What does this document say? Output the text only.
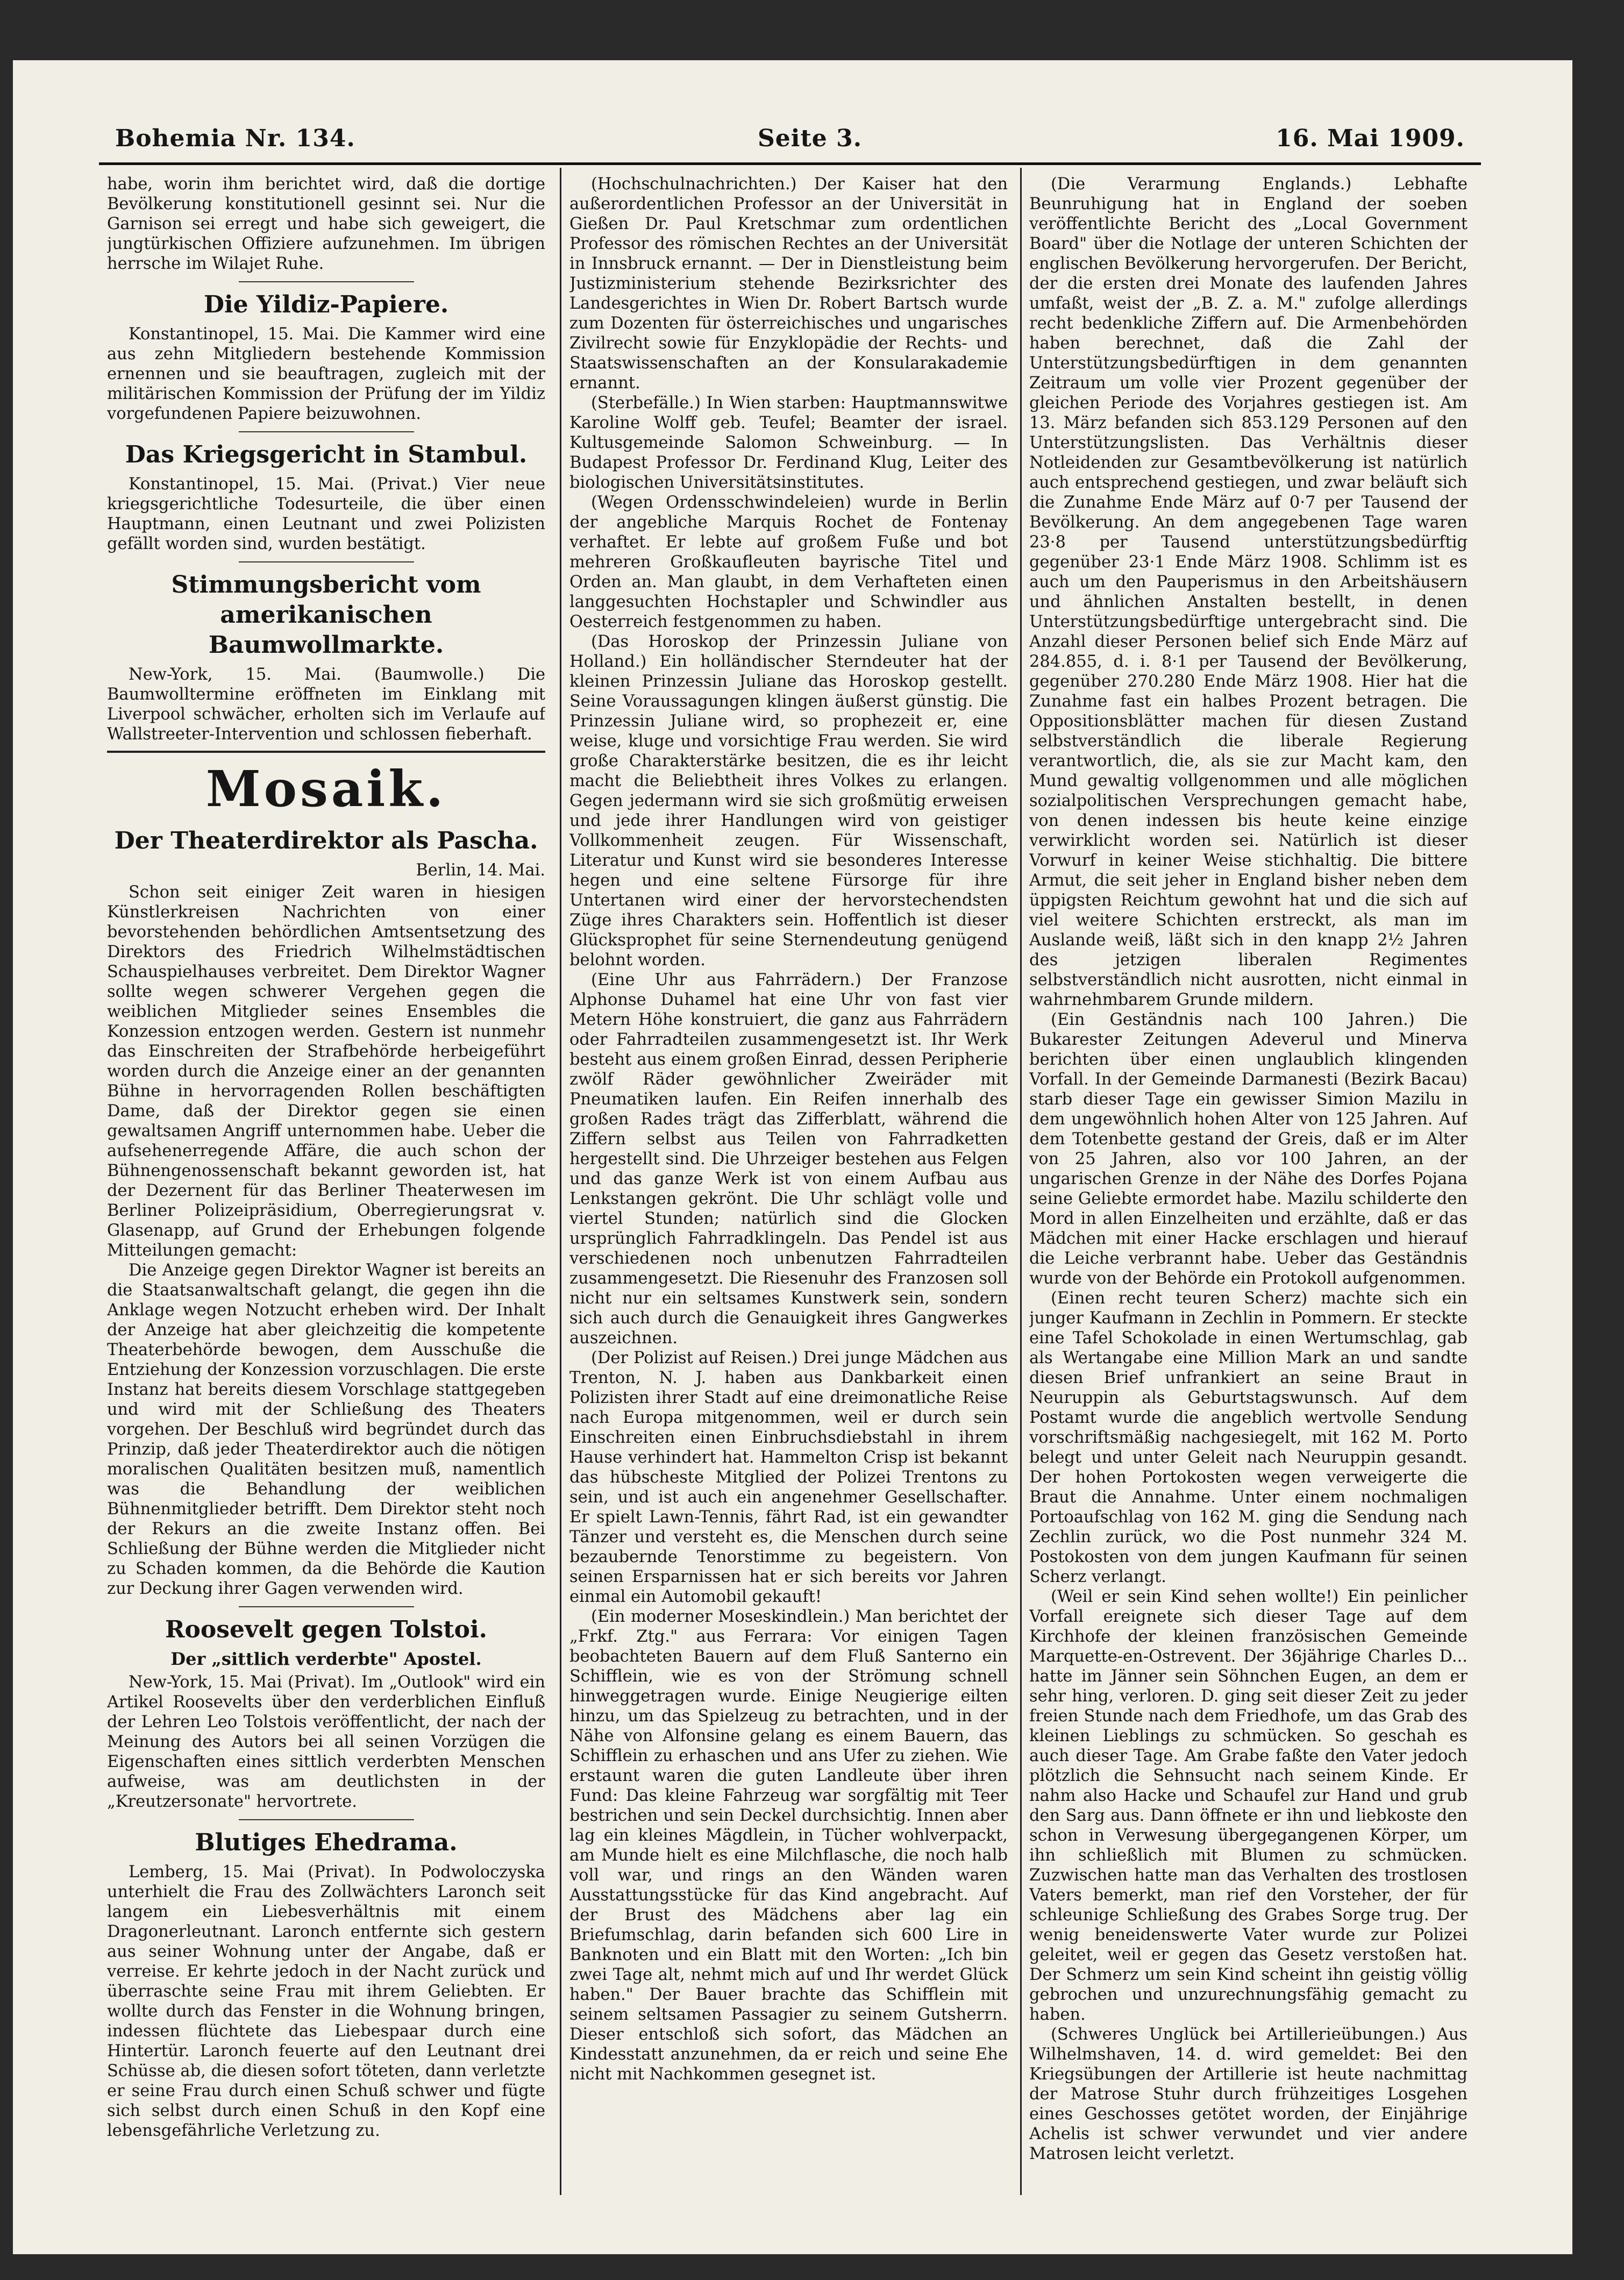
Bohemia Nr. 134.	Seite 3.	16. Mai 1909.

habe, worin ihm berichtet wird, daß die dortige Bevölkerung konstitutionell gesinnt sei. Nur die Garnison sei erregt und habe sich geweigert, die jungtürkischen Offiziere aufzunehmen. Im übrigen herrsche im Wilajet Ruhe.

Die Yildiz-Papiere.

Konstantinopel, 15. Mai. Die Kammer wird eine aus zehn Mitgliedern bestehende Kommission ernennen und sie beauftragen, zugleich mit der militärischen Kommission der Prüfung der im Yildiz vorgefundenen Papiere beizuwohnen.

Das Kriegsgericht in Stambul.

Konstantinopel, 15. Mai. (Privat.) Vier neue kriegsgerichtliche Todesurteile, die über einen Hauptmann, einen Leutnant und zwei Polizisten gefällt worden sind, wurden bestätigt.

Stimmungsbericht vom amerikanischen Baumwollmarkte.

New-York, 15. Mai. (Baumwolle.) Die Baumwolltermine eröffneten im Einklang mit Liverpool schwächer, erholten sich im Verlaufe auf Wallstreeter-Intervention und schlossen fieberhaft.

Mosaik.
Der Theaterdirektor als Pascha.
Berlin, 14. Mai.

Schon seit einiger Zeit waren in hiesigen Künstlerkreisen Nachrichten von einer bevorstehenden behördlichen Amtsentsetzung des Direktors des Friedrich Wilhelmstädtischen Schauspielhauses verbreitet. Dem Direktor Wagner sollte wegen schwerer Vergehen gegen die weiblichen Mitglieder seines Ensembles die Konzession entzogen werden. Gestern ist nunmehr das Einschreiten der Strafbehörde herbeigeführt worden durch die Anzeige einer an der genannten Bühne in hervorragenden Rollen beschäftigten Dame, daß der Direktor gegen sie einen gewaltsamen Angriff unternommen habe. Ueber die aufsehenerregende Affäre, die auch schon der Bühnengenossenschaft bekannt geworden ist, hat der Dezernent für das Berliner Theaterwesen im Berliner Polizeipräsidium, Oberregierungsrat v. Glasenapp, auf Grund der Erhebungen folgende Mitteilungen gemacht:

Die Anzeige gegen Direktor Wagner ist bereits an die Staatsanwaltschaft gelangt, die gegen ihn die Anklage wegen Notzucht erheben wird. Der Inhalt der Anzeige hat aber gleichzeitig die kompetente Theaterbehörde bewogen, dem Ausschuße die Entziehung der Konzession vorzuschlagen. Die erste Instanz hat bereits diesem Vorschlage stattgegeben und wird mit der Schließung des Theaters vorgehen. Der Beschluß wird begründet durch das Prinzip, daß jeder Theaterdirektor auch die nötigen moralischen Qualitäten besitzen muß, namentlich was die Behandlung der weiblichen Bühnenmitglieder betrifft. Dem Direktor steht noch der Rekurs an die zweite Instanz offen. Bei Schließung der Bühne werden die Mitglieder nicht zu Schaden kommen, da die Behörde die Kaution zur Deckung ihrer Gagen verwenden wird.

Roosevelt gegen Tolstoi.
Der „sittlich verderbte" Apostel.

New-York, 15. Mai (Privat). Im „Outlook" wird ein Artikel Roosevelts über den verderblichen Einfluß der Lehren Leo Tolstois veröffentlicht, der nach der Meinung des Autors bei all seinen Vorzügen die Eigenschaften eines sittlich verderbten Menschen aufweise, was am deutlichsten in der „Kreutzersonate" hervortrete.

Blutiges Ehedrama.

Lemberg, 15. Mai (Privat). In Podwoloczyska unterhielt die Frau des Zollwächters Laronch seit langem ein Liebesverhältnis mit einem Dragonerleutnant. Laronch entfernte sich gestern aus seiner Wohnung unter der Angabe, daß er verreise. Er kehrte jedoch in der Nacht zurück und überraschte seine Frau mit ihrem Geliebten. Er wollte durch das Fenster in die Wohnung bringen, indessen flüchtete das Liebespaar durch eine Hintertür. Laronch feuerte auf den Leutnant drei Schüsse ab, die diesen sofort töteten, dann verletzte er seine Frau durch einen Schuß schwer und fügte sich selbst durch einen Schuß in den Kopf eine lebensgefährliche Verletzung zu.

(Hochschulnachrichten.) Der Kaiser hat den außerordentlichen Professor an der Universität in Gießen Dr. Paul Kretschmar zum ordentlichen Professor des römischen Rechtes an der Universität in Innsbruck ernannt. — Der in Dienstleistung beim Justizministerium stehende Bezirksrichter des Landesgerichtes in Wien Dr. Robert Bartsch wurde zum Dozenten für österreichisches und ungarisches Zivilrecht sowie für Enzyklopädie der Rechts- und Staatswissenschaften an der Konsularakademie ernannt.

(Sterbefälle.) In Wien starben: Hauptmannswitwe Karoline Wolff geb. Teufel; Beamter der israel. Kultusgemeinde Salomon Schweinburg. — In Budapest Professor Dr. Ferdinand Klug, Leiter des biologischen Universitätsinstitutes.

(Wegen Ordensschwindeleien) wurde in Berlin der angebliche Marquis Rochet de Fontenay verhaftet. Er lebte auf großem Fuße und bot mehreren Großkaufleuten bayrische Titel und Orden an. Man glaubt, in dem Verhafteten einen langgesuchten Hochstapler und Schwindler aus Oesterreich festgenommen zu haben.

(Das Horoskop der Prinzessin Juliane von Holland.) Ein holländischer Sterndeuter hat der kleinen Prinzessin Juliane das Horoskop gestellt. Seine Voraussagungen klingen äußerst günstig. Die Prinzessin Juliane wird, so prophezeit er, eine weise, kluge und vorsichtige Frau werden. Sie wird große Charakterstärke besitzen, die es ihr leicht macht die Beliebtheit ihres Volkes zu erlangen. Gegen jedermann wird sie sich großmütig erweisen und jede ihrer Handlungen wird von geistiger Vollkommenheit zeugen. Für Wissenschaft, Literatur und Kunst wird sie besonderes Interesse hegen und eine seltene Fürsorge für ihre Untertanen wird einer der hervorstechendsten Züge ihres Charakters sein. Hoffentlich ist dieser Glücksprophet für seine Sternendeutung genügend belohnt worden.

(Eine Uhr aus Fahrrädern.) Der Franzose Alphonse Duhamel hat eine Uhr von fast vier Metern Höhe konstruiert, die ganz aus Fahrrädern oder Fahrradteilen zusammengesetzt ist. Ihr Werk besteht aus einem großen Einrad, dessen Peripherie zwölf Räder gewöhnlicher Zweiräder mit Pneumatiken laufen. Ein Reifen innerhalb des großen Rades trägt das Zifferblatt, während die Ziffern selbst aus Teilen von Fahrradketten hergestellt sind. Die Uhrzeiger bestehen aus Felgen und das ganze Werk ist von einem Aufbau aus Lenkstangen gekrönt. Die Uhr schlägt volle und viertel Stunden; natürlich sind die Glocken ursprünglich Fahrradklingeln. Das Pendel ist aus verschiedenen noch unbenutzen Fahrradteilen zusammengesetzt. Die Riesenuhr des Franzosen soll nicht nur ein seltsames Kunstwerk sein, sondern sich auch durch die Genauigkeit ihres Gangwerkes auszeichnen.

(Der Polizist auf Reisen.) Drei junge Mädchen aus Trenton, N. J. haben aus Dankbarkeit einen Polizisten ihrer Stadt auf eine dreimonatliche Reise nach Europa mitgenommen, weil er durch sein Einschreiten einen Einbruchsdiebstahl in ihrem Hause verhindert hat. Hammelton Crisp ist bekannt das hübscheste Mitglied der Polizei Trentons zu sein, und ist auch ein angenehmer Gesellschafter. Er spielt Lawn-Tennis, fährt Rad, ist ein gewandter Tänzer und versteht es, die Menschen durch seine bezaubernde Tenorstimme zu begeistern. Von seinen Ersparnissen hat er sich bereits vor Jahren einmal ein Automobil gekauft!

(Ein moderner Moseskindlein.) Man berichtet der „Frkf. Ztg." aus Ferrara: Vor einigen Tagen beobachteten Bauern auf dem Fluß Santerno ein Schifflein, wie es von der Strömung schnell hinweggetragen wurde. Einige Neugierige eilten hinzu, um das Spielzeug zu betrachten, und in der Nähe von Alfonsine gelang es einem Bauern, das Schifflein zu erhaschen und ans Ufer zu ziehen. Wie erstaunt waren die guten Landleute über ihren Fund: Das kleine Fahrzeug war sorgfältig mit Teer bestrichen und sein Deckel durchsichtig. Innen aber lag ein kleines Mägdlein, in Tücher wohlverpackt, am Munde hielt es eine Milchflasche, die noch halb voll war, und rings an den Wänden waren Ausstattungsstücke für das Kind angebracht. Auf der Brust des Mädchens aber lag ein Briefumschlag, darin befanden sich 600 Lire in Banknoten und ein Blatt mit den Worten: „Ich bin zwei Tage alt, nehmt mich auf und Ihr werdet Glück haben." Der Bauer brachte das Schifflein mit seinem seltsamen Passagier zu seinem Gutsherrn. Dieser entschloß sich sofort, das Mädchen an Kindesstatt anzunehmen, da er reich und seine Ehe nicht mit Nachkommen gesegnet ist.

(Die Verarmung Englands.) Lebhafte Beunruhigung hat in England der soeben veröffentlichte Bericht des „Local Government Board" über die Notlage der unteren Schichten der englischen Bevölkerung hervorgerufen. Der Bericht, der die ersten drei Monate des laufenden Jahres umfaßt, weist der „B. Z. a. M." zufolge allerdings recht bedenkliche Ziffern auf. Die Armenbehörden haben berechnet, daß die Zahl der Unterstützungsbedürftigen in dem genannten Zeitraum um volle vier Prozent gegenüber der gleichen Periode des Vorjahres gestiegen ist. Am 13. März befanden sich 853.129 Personen auf den Unterstützungslisten. Das Verhältnis dieser Notleidenden zur Gesamtbevölkerung ist natürlich auch entsprechend gestiegen, und zwar beläuft sich die Zunahme Ende März auf 0·7 per Tausend der Bevölkerung. An dem angegebenen Tage waren 23·8 per Tausend unterstützungsbedürftig gegenüber 23·1 Ende März 1908. Schlimm ist es auch um den Pauperismus in den Arbeitshäusern und ähnlichen Anstalten bestellt, in denen Unterstützungsbedürftige untergebracht sind. Die Anzahl dieser Personen belief sich Ende März auf 284.855, d. i. 8·1 per Tausend der Bevölkerung, gegenüber 270.280 Ende März 1908. Hier hat die Zunahme fast ein halbes Prozent betragen. Die Oppositionsblätter machen für diesen Zustand selbstverständlich die liberale Regierung verantwortlich, die, als sie zur Macht kam, den Mund gewaltig vollgenommen und alle möglichen sozialpolitischen Versprechungen gemacht habe, von denen indessen bis heute keine einzige verwirklicht worden sei. Natürlich ist dieser Vorwurf in keiner Weise stichhaltig. Die bittere Armut, die seit jeher in England bisher neben dem üppigsten Reichtum gewohnt hat und die sich auf viel weitere Schichten erstreckt, als man im Auslande weiß, läßt sich in den knapp 2½ Jahren des jetzigen liberalen Regimentes selbstverständlich nicht ausrotten, nicht einmal in wahrnehmbarem Grunde mildern.

(Ein Geständnis nach 100 Jahren.) Die Bukarester Zeitungen Adeverul und Minerva berichten über einen unglaublich klingenden Vorfall. In der Gemeinde Darmanesti (Bezirk Bacau) starb dieser Tage ein gewisser Simion Mazilu in dem ungewöhnlich hohen Alter von 125 Jahren. Auf dem Totenbette gestand der Greis, daß er im Alter von 25 Jahren, also vor 100 Jahren, an der ungarischen Grenze in der Nähe des Dorfes Pojana seine Geliebte ermordet habe. Mazilu schilderte den Mord in allen Einzelheiten und erzählte, daß er das Mädchen mit einer Hacke erschlagen und hierauf die Leiche verbrannt habe. Ueber das Geständnis wurde von der Behörde ein Protokoll aufgenommen.

(Einen recht teuren Scherz) machte sich ein junger Kaufmann in Zechlin in Pommern. Er steckte eine Tafel Schokolade in einen Wertumschlag, gab als Wertangabe eine Million Mark an und sandte diesen Brief unfrankiert an seine Braut in Neuruppin als Geburtstagswunsch. Auf dem Postamt wurde die angeblich wertvolle Sendung vorschriftsmäßig nachgesiegelt, mit 162 M. Porto belegt und unter Geleit nach Neuruppin gesandt. Der hohen Portokosten wegen verweigerte die Braut die Annahme. Unter einem nochmaligen Portoaufschlag von 162 M. ging die Sendung nach Zechlin zurück, wo die Post nunmehr 324 M. Postokosten von dem jungen Kaufmann für seinen Scherz verlangt.

(Weil er sein Kind sehen wollte!) Ein peinlicher Vorfall ereignete sich dieser Tage auf dem Kirchhofe der kleinen französischen Gemeinde Marquette-en-Ostrevent. Der 36jährige Charles D... hatte im Jänner sein Söhnchen Eugen, an dem er sehr hing, verloren. D. ging seit dieser Zeit zu jeder freien Stunde nach dem Friedhofe, um das Grab des kleinen Lieblings zu schmücken. So geschah es auch dieser Tage. Am Grabe faßte den Vater jedoch plötzlich die Sehnsucht nach seinem Kinde. Er nahm also Hacke und Schaufel zur Hand und grub den Sarg aus. Dann öffnete er ihn und liebkoste den schon in Verwesung übergegangenen Körper, um ihn schließlich mit Blumen zu schmücken. Zuzwischen hatte man das Verhalten des trostlosen Vaters bemerkt, man rief den Vorsteher, der für schleunige Schließung des Grabes Sorge trug. Der wenig beneidenswerte Vater wurde zur Polizei geleitet, weil er gegen das Gesetz verstoßen hat. Der Schmerz um sein Kind scheint ihn geistig völlig gebrochen und unzurechnungsfähig gemacht zu haben.

(Schweres Unglück bei Artillerieübungen.) Aus Wilhelmshaven, 14. d. wird gemeldet: Bei den Kriegsübungen der Artillerie ist heute nachmittag der Matrose Stuhr durch frühzeitiges Losgehen eines Geschosses getötet worden, der Einjährige Achelis ist schwer verwundet und vier andere Matrosen leicht verletzt.
